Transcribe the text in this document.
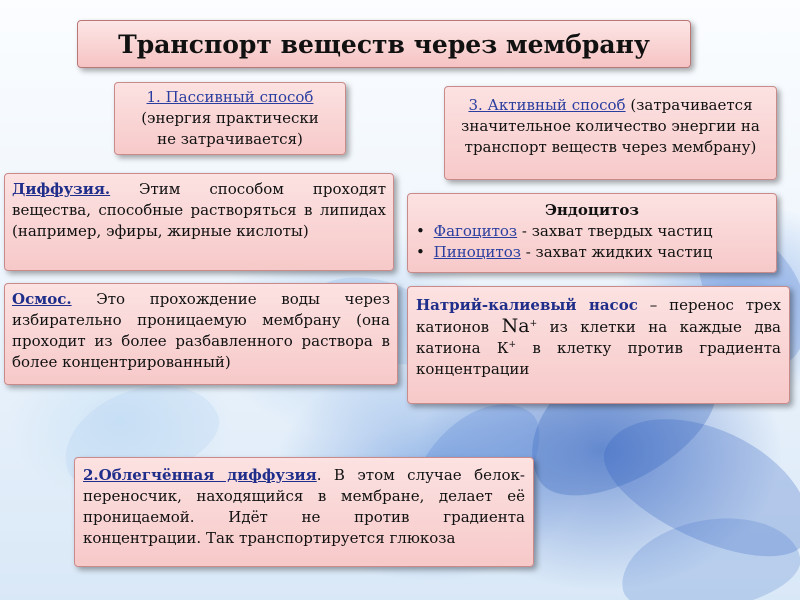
Транспорт веществ через мембрану
1. Пассивный способ
(энергия практически
не затрачивается)
3. Активный способ (затрачивается значительное количество энергии на транспорт веществ через мембрану)
Диффузия. Этим способом проходят вещества, способные растворяться в липидах (например, эфиры, жирные кислоты)
Эндоцитоз
• Фагоцитоз - захват твердых частиц
• Пиноцитоз - захват жидких частиц
Осмос. Это прохождение воды через избирательно проницаемую мембрану (она проходит из более разбавленного раствора в более концентрированный)
Натрий-калиевый насос – перенос трех катионов Na+ из клетки на каждые два катиона К+ в клетку против градиента концентрации
2.Облегчённая диффузия. В этом случае белок-переносчик, находящийся в мембране, делает её проницаемой. Идёт не против градиента концентрации. Так транспортируется глюкоза
